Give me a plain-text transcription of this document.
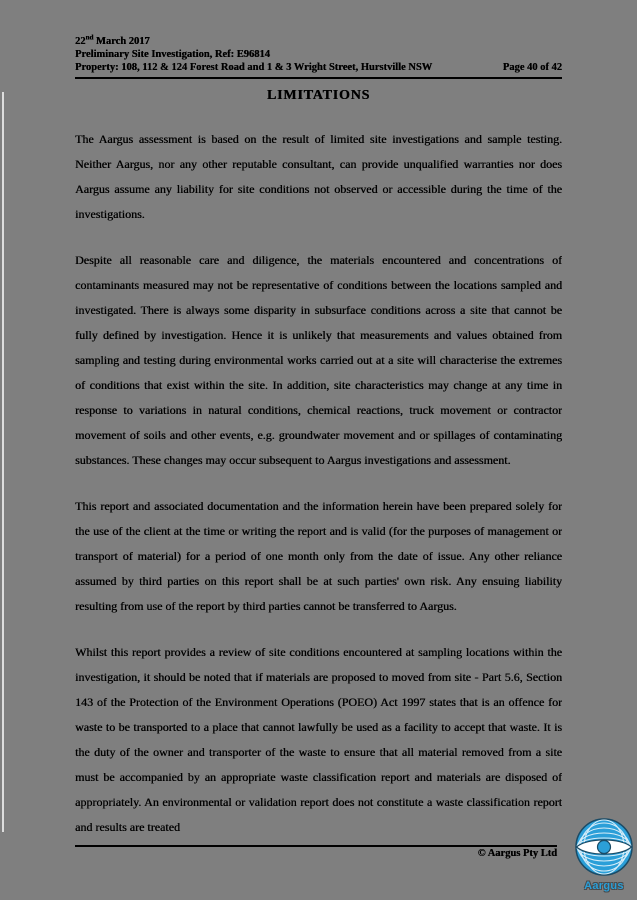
22nd March 2017
Preliminary Site Investigation, Ref: E96814
Property: 108, 112 & 124 Forest Road and 1 & 3 Wright Street, Hurstville NSW	Page 40 of 42
LIMITATIONS

The Aargus assessment is based on the result of limited site investigations and sample testing. Neither Aargus, nor any other reputable consultant, can provide unqualified warranties nor does Aargus assume any liability for site conditions not observed or accessible during the time of the investigations.

Despite all reasonable care and diligence, the materials encountered and concentrations of contaminants measured may not be representative of conditions between the locations sampled and investigated. There is always some disparity in subsurface conditions across a site that cannot be fully defined by investigation. Hence it is unlikely that measurements and values obtained from sampling and testing during environmental works carried out at a site will characterise the extremes of conditions that exist within the site. In addition, site characteristics may change at any time in response to variations in natural conditions, chemical reactions, truck movement or contractor movement of soils and other events, e.g. groundwater movement and or spillages of contaminating substances. These changes may occur subsequent to Aargus investigations and assessment.

This report and associated documentation and the information herein have been prepared solely for the use of the client at the time or writing the report and is valid (for the purposes of management or transport of material) for a period of one month only from the date of issue. Any other reliance assumed by third parties on this report shall be at such parties' own risk. Any ensuing liability resulting from use of the report by third parties cannot be transferred to Aargus.

Whilst this report provides a review of site conditions encountered at sampling locations within the investigation, it should be noted that if materials are proposed to moved from site - Part 5.6, Section 143 of the Protection of the Environment Operations (POEO) Act 1997 states that is an offence for waste to be transported to a place that cannot lawfully be used as a facility to accept that waste. It is the duty of the owner and transporter of the waste to ensure that all material removed from a site must be accompanied by an appropriate waste classification report and materials are disposed of appropriately. An environmental or validation report does not constitute a waste classification report and results are treated

© Aargus Pty Ltd
Aargus
